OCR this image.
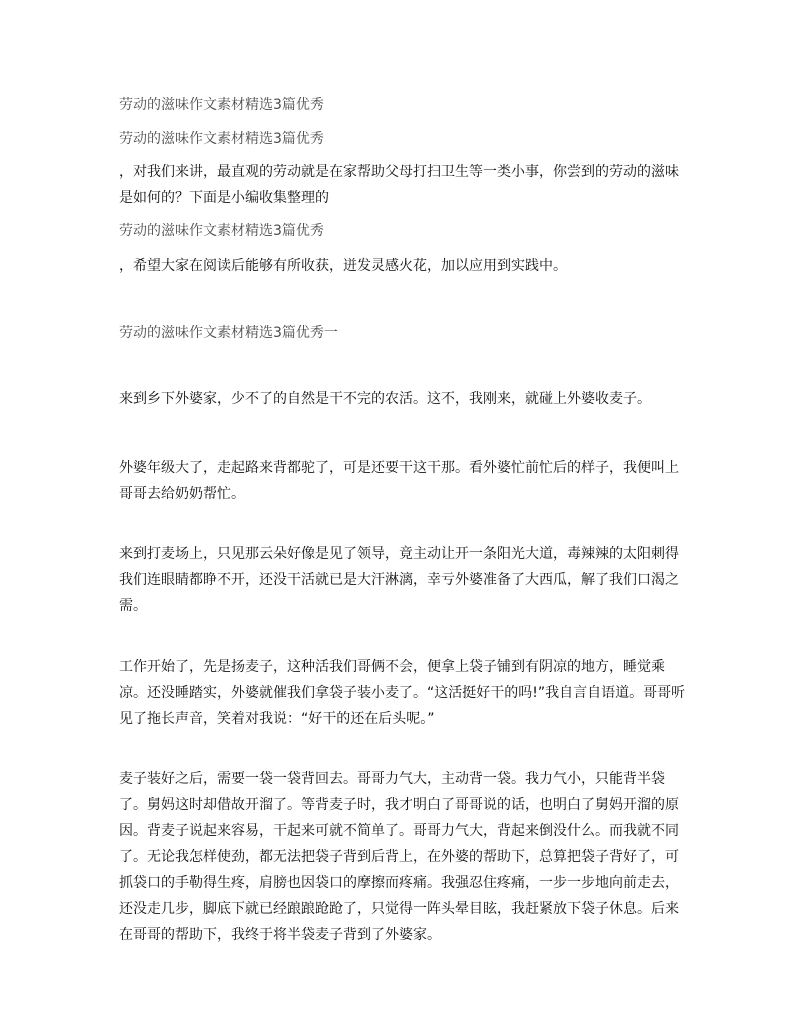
劳动的滋味作文素材精选3篇优秀
劳动的滋味作文素材精选3篇优秀
，对我们来讲，最直观的劳动就是在家帮助父母打扫卫生等一类小事，你尝到的劳动的滋味是如何的？下面是小编收集整理的
劳动的滋味作文素材精选3篇优秀
，希望大家在阅读后能够有所收获，迸发灵感火花，加以应用到实践中。
劳动的滋味作文素材精选3篇优秀一
来到乡下外婆家，少不了的自然是干不完的农活。这不，我刚来，就碰上外婆收麦子。
外婆年级大了，走起路来背都驼了，可是还要干这干那。看外婆忙前忙后的样子，我便叫上哥哥去给奶奶帮忙。
来到打麦场上，只见那云朵好像是见了领导，竟主动让开一条阳光大道，毒辣辣的太阳刺得我们连眼睛都睁不开，还没干活就已是大汗淋漓，幸亏外婆准备了大西瓜，解了我们口渴之需。
工作开始了，先是扬麦子，这种活我们哥俩不会，便拿上袋子铺到有阴凉的地方，睡觉乘凉。还没睡踏实，外婆就催我们拿袋子装小麦了。“这活挺好干的吗!”我自言自语道。哥哥听见了拖长声音，笑着对我说：“好干的还在后头呢。”
麦子装好之后，需要一袋一袋背回去。哥哥力气大，主动背一袋。我力气小，只能背半袋了。舅妈这时却借故开溜了。等背麦子时，我才明白了哥哥说的话，也明白了舅妈开溜的原因。背麦子说起来容易，干起来可就不简单了。哥哥力气大，背起来倒没什么。而我就不同了。无论我怎样使劲，都无法把袋子背到后背上，在外婆的帮助下，总算把袋子背好了，可抓袋口的手勒得生疼，肩膀也因袋口的摩擦而疼痛。我强忍住疼痛，一步一步地向前走去，还没走几步，脚底下就已经踉踉跄跄了，只觉得一阵头晕目眩，我赶紧放下袋子休息。后来在哥哥的帮助下，我终于将半袋麦子背到了外婆家。
